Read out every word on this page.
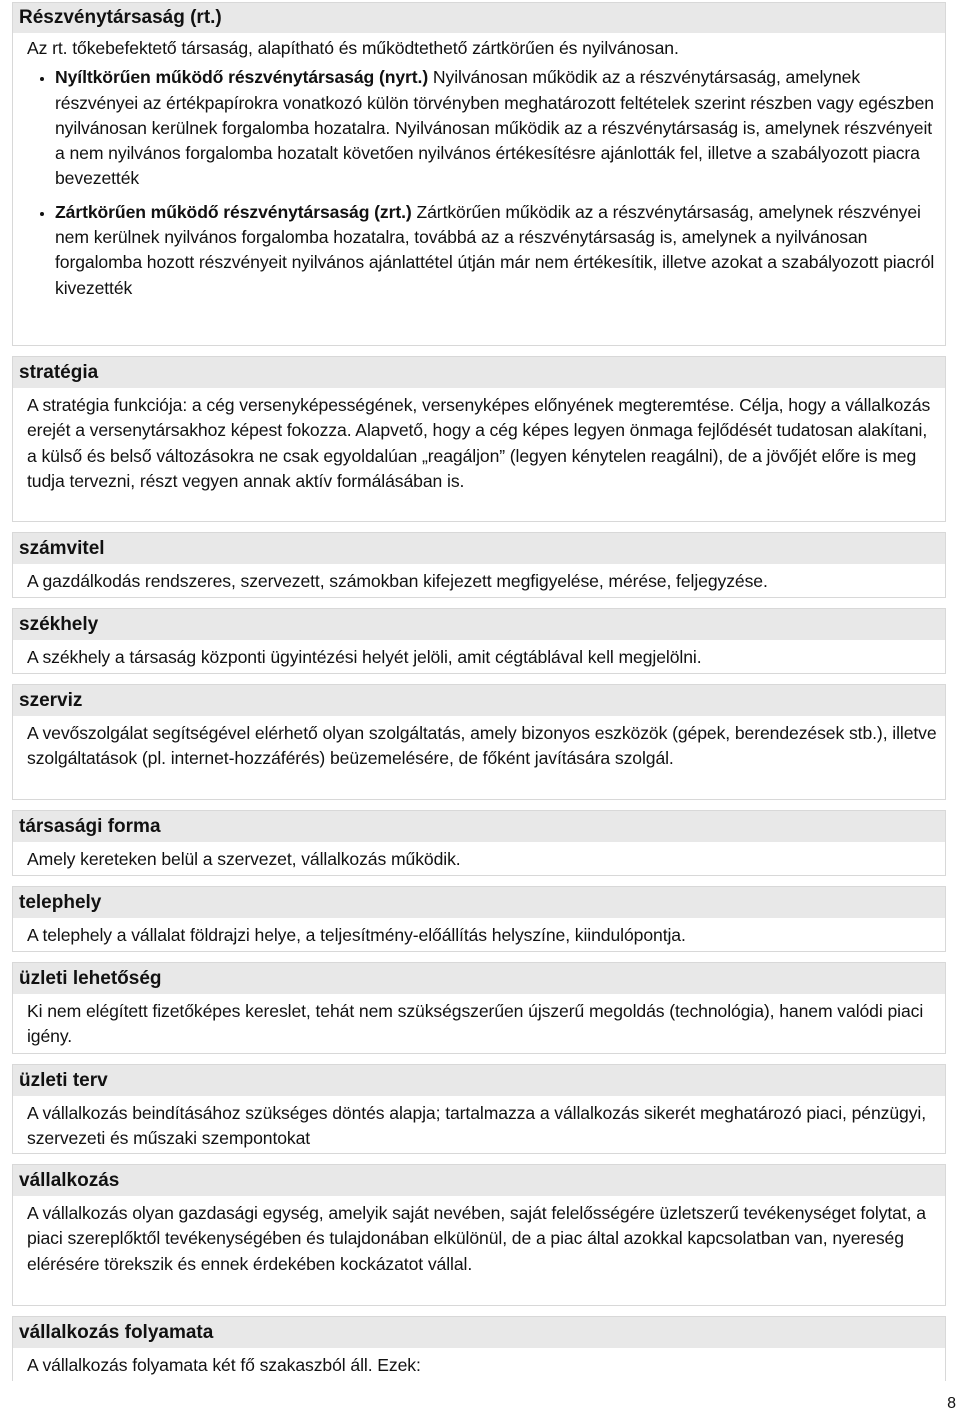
Részvénytársaság (rt.)
Az rt. tőkebefektető társaság, alapítható és működtethető zártkörűen és nyilvánosan.
• Nyíltkörűen működő részvénytársaság (nyrt.) Nyilvánosan működik az a részvénytársaság, amelynek részvényei az értékpapírokra vonatkozó külön törvényben meghatározott feltételek szerint részben vagy egészben nyilvánosan kerülnek forgalomba hozatalra. Nyilvánosan működik az a részvénytársaság is, amelynek részvényeit a nem nyilvános forgalomba hozatalt követően nyilvános értékesítésre ajánlották fel, illetve a szabályozott piacra bevezették
• Zártkörűen működő részvénytársaság (zrt.) Zártkörűen működik az a részvénytársaság, amelynek részvényei nem kerülnek nyilvános forgalomba hozatalra, továbbá az a részvénytársaság is, amelynek a nyilvánosan forgalomba hozott részvényeit nyilvános ajánlattétel útján már nem értékesítik, illetve azokat a szabályozott piacról kivezették
stratégia
A stratégia funkciója: a cég versenyképességének, versenyképes előnyének megteremtése. Célja, hogy a vállalkozás erejét a versenytársakhoz képest fokozza. Alapvető, hogy a cég képes legyen önmaga fejlődését tudatosan alakítani, a külső és belső változásokra ne csak egyoldalúan „reagáljon” (legyen kénytelen reagálni), de a jövőjét előre is meg tudja tervezni, részt vegyen annak aktív formálásában is.
számvitel
A gazdálkodás rendszeres, szervezett, számokban kifejezett megfigyelése, mérése, feljegyzése.
székhely
A székhely a társaság központi ügyintézési helyét jelöli, amit cégtáblával kell megjelölni.
szerviz
A vevőszolgálat segítségével elérhető olyan szolgáltatás, amely bizonyos eszközök (gépek, berendezések stb.), illetve szolgáltatások (pl. internet-hozzáférés) beüzemelésére, de főként javítására szolgál.
társasági forma
Amely kereteken belül a szervezet, vállalkozás működik.
telephely
A telephely a vállalat földrajzi helye, a teljesítmény-előállítás helyszíne, kiindulópontja.
üzleti lehetőség
Ki nem elégített fizetőképes kereslet, tehát nem szükségszerűen újszerű megoldás (technológia), hanem valódi piaci igény.
üzleti terv
A vállalkozás beindításához szükséges döntés alapja; tartalmazza a vállalkozás sikerét meghatározó piaci, pénzügyi, szervezeti és műszaki szempontokat
vállalkozás
A vállalkozás olyan gazdasági egység, amelyik saját nevében, saját felelősségére üzletszerű tevékenységet folytat, a piaci szereplőktől tevékenységében és tulajdonában elkülönül, de a piac által azokkal kapcsolatban van, nyereség elérésére törekszik és ennek érdekében kockázatot vállal.
vállalkozás folyamata
A vállalkozás folyamata két fő szakaszból áll. Ezek:
8
